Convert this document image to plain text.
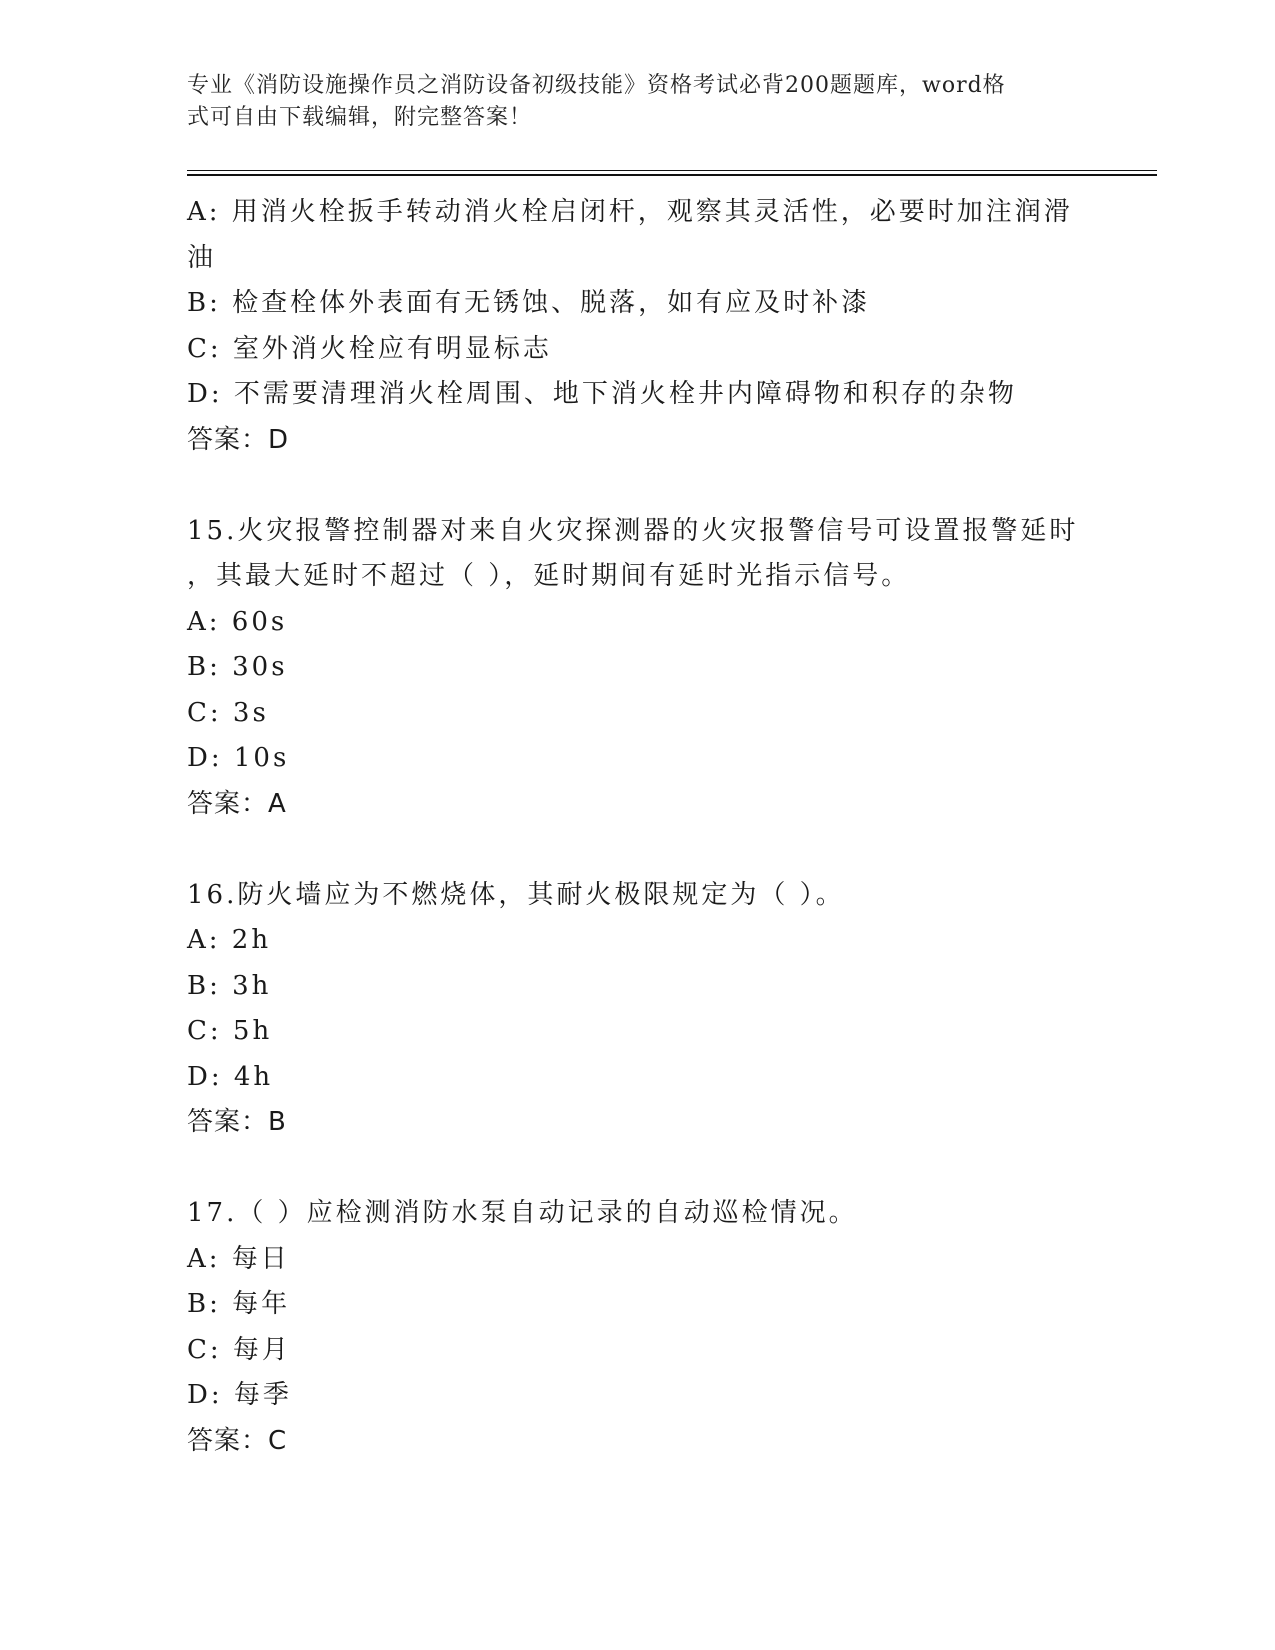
专业《消防设施操作员之消防设备初级技能》资格考试必背200题题库，word格
式可自由下载编辑，附完整答案！

A: 用消火栓扳手转动消火栓启闭杆，观察其灵活性，必要时加注润滑

油

B: 检查栓体外表面有无锈蚀、脱落，如有应及时补漆

C: 室外消火栓应有明显标志

D: 不需要清理消火栓周围、地下消火栓井内障碍物和积存的杂物

答案：D

15.火灾报警控制器对来自火灾探测器的火灾报警信号可设置报警延时

，其最大延时不超过（ ），延时期间有延时光指示信号。

A: 60s

B: 30s

C: 3s

D: 10s

答案：A

16.防火墙应为不燃烧体，其耐火极限规定为（ ）。

A: 2h

B: 3h

C: 5h

D: 4h

答案：B

17.（ ）应检测消防水泵自动记录的自动巡检情况。

A: 每日

B: 每年

C: 每月

D: 每季

答案：C
